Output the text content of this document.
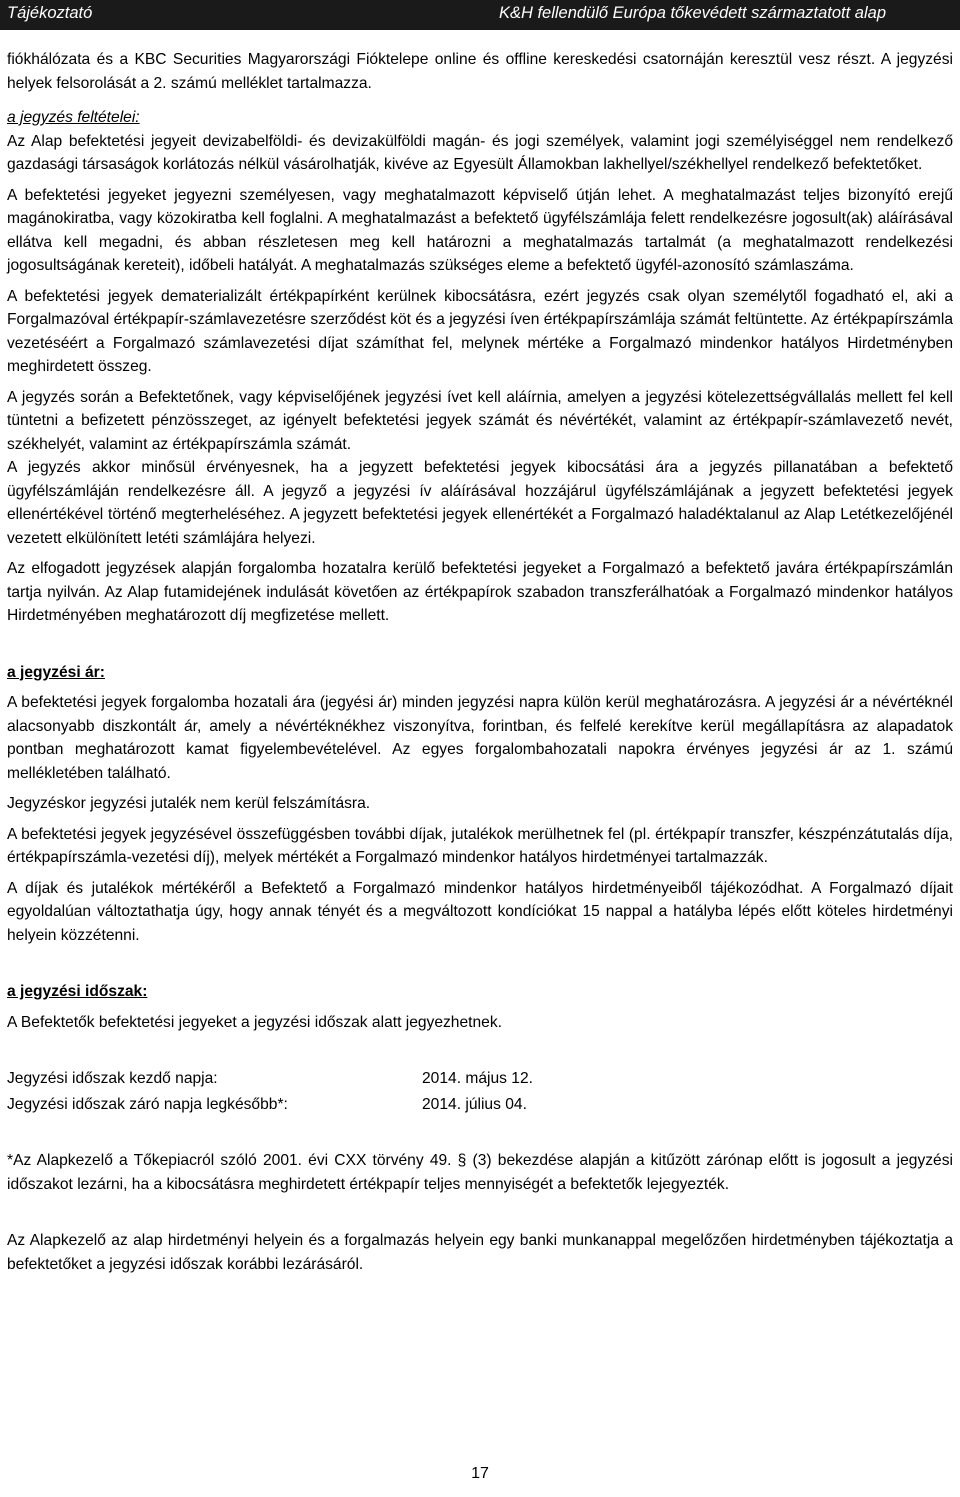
Tájékoztató	K&H fellendülő Európa tőkevédett származtatott alap

fiókhálózata és a KBC Securities Magyarországi Fióktelepe online és offline kereskedési csatornáján keresztül vesz részt. A jegyzési helyek felsorolását a 2. számú melléklet tartalmazza.

a jegyzés feltételei:

Az Alap befektetési jegyeit devizabelföldi- és devizakülföldi magán- és jogi személyek, valamint jogi személyiséggel nem rendelkező gazdasági társaságok korlátozás nélkül vásárolhatják, kivéve az Egyesült Államokban lakhellyel/székhellyel rendelkező befektetőket.

A befektetési jegyeket jegyezni személyesen, vagy meghatalmazott képviselő útján lehet. A meghatalmazást teljes bizonyító erejű magánokiratba, vagy közokiratba kell foglalni. A meghatalmazást a befektető ügyfélszámlája felett rendelkezésre jogosult(ak) aláírásával ellátva kell megadni, és abban részletesen meg kell határozni a meghatalmazás tartalmát (a meghatalmazott rendelkezési jogosultságának kereteit), időbeli hatályát. A meghatalmazás szükséges eleme a befektető ügyfél-azonosító számlaszáma.

A befektetési jegyek dematerializált értékpapírként kerülnek kibocsátásra, ezért jegyzés csak olyan személytől fogadható el, aki a Forgalmazóval értékpapír-számlavezetésre szerződést köt és a jegyzési íven értékpapírszámlája számát feltüntette. Az értékpapírszámla vezetéséért a Forgalmazó számlavezetési díjat számíthat fel, melynek mértéke a Forgalmazó mindenkor hatályos Hirdetményben meghirdetett összeg.

A jegyzés során a Befektetőnek, vagy képviselőjének jegyzési ívet kell aláírnia, amelyen a jegyzési kötelezettségvállalás mellett fel kell tüntetni a befizetett pénzösszeget, az igényelt befektetési jegyek számát és névértékét, valamint az értékpapír-számlavezető nevét, székhelyét, valamint az értékpapírszámla számát.

A jegyzés akkor minősül érvényesnek, ha a jegyzett befektetési jegyek kibocsátási ára a jegyzés pillanatában a befektető ügyfélszámláján rendelkezésre áll. A jegyző a jegyzési ív aláírásával hozzájárul ügyfélszámlájának a jegyzett befektetési jegyek ellenértékével történő megterheléséhez. A jegyzett befektetési jegyek ellenértékét a Forgalmazó haladéktalanul az Alap Letétkezelőjénél vezetett elkülönített letéti számlájára helyezi.

Az elfogadott jegyzések alapján forgalomba hozatalra kerülő befektetési jegyeket a Forgalmazó a befektető javára értékpapírszámlán tartja nyilván. Az Alap futamidejének indulását követően az értékpapírok szabadon transzferálhatóak a Forgalmazó mindenkor hatályos Hirdetményében meghatározott díj megfizetése mellett.

a jegyzési ár:

A befektetési jegyek forgalomba hozatali ára (jegyési ár) minden jegyzési napra külön kerül meghatározásra. A jegyzési ár a névértéknél alacsonyabb diszkontált ár, amely a névértéknékhez viszonyítva, forintban, és felfelé kerekítve kerül megállapításra az alapadatok pontban meghatározott kamat figyelembevételével. Az egyes forgalombahozatali napokra érvényes jegyzési ár az 1. számú mellékletében található.

Jegyzéskor jegyzési jutalék nem kerül felszámításra.

A befektetési jegyek jegyzésével összefüggésben további díjak, jutalékok merülhetnek fel (pl. értékpapír transzfer, készpénzátutalás díja, értékpapírszámla-vezetési díj), melyek mértékét a Forgalmazó mindenkor hatályos hirdetményei tartalmazzák.

A díjak és jutalékok mértékéről a Befektető a Forgalmazó mindenkor hatályos hirdetményeiből tájékozódhat. A Forgalmazó díjait egyoldalúan változtathatja úgy, hogy annak tényét és a megváltozott kondíciókat 15 nappal a hatályba lépés előtt köteles hirdetményi helyein közzétenni.

a jegyzési időszak:

A Befektetők befektetési jegyeket a jegyzési időszak alatt jegyezhetnek.

Jegyzési időszak kezdő napja:	2014. május 12.
Jegyzési időszak záró napja legkésőbb*:	2014. július 04.

*Az Alapkezelő a Tőkepiacról szóló 2001. évi CXX törvény 49. § (3) bekezdése alapján a kitűzött zárónap előtt is jogosult a jegyzési időszakot lezárni, ha a kibocsátásra meghirdetett értékpapír teljes mennyiségét a befektetők lejegyezték.

Az Alapkezelő az alap hirdetményi helyein és a forgalmazás helyein egy banki munkanappal megelőzően hirdetményben tájékoztatja a befektetőket a jegyzési időszak korábbi lezárásáról.

17
